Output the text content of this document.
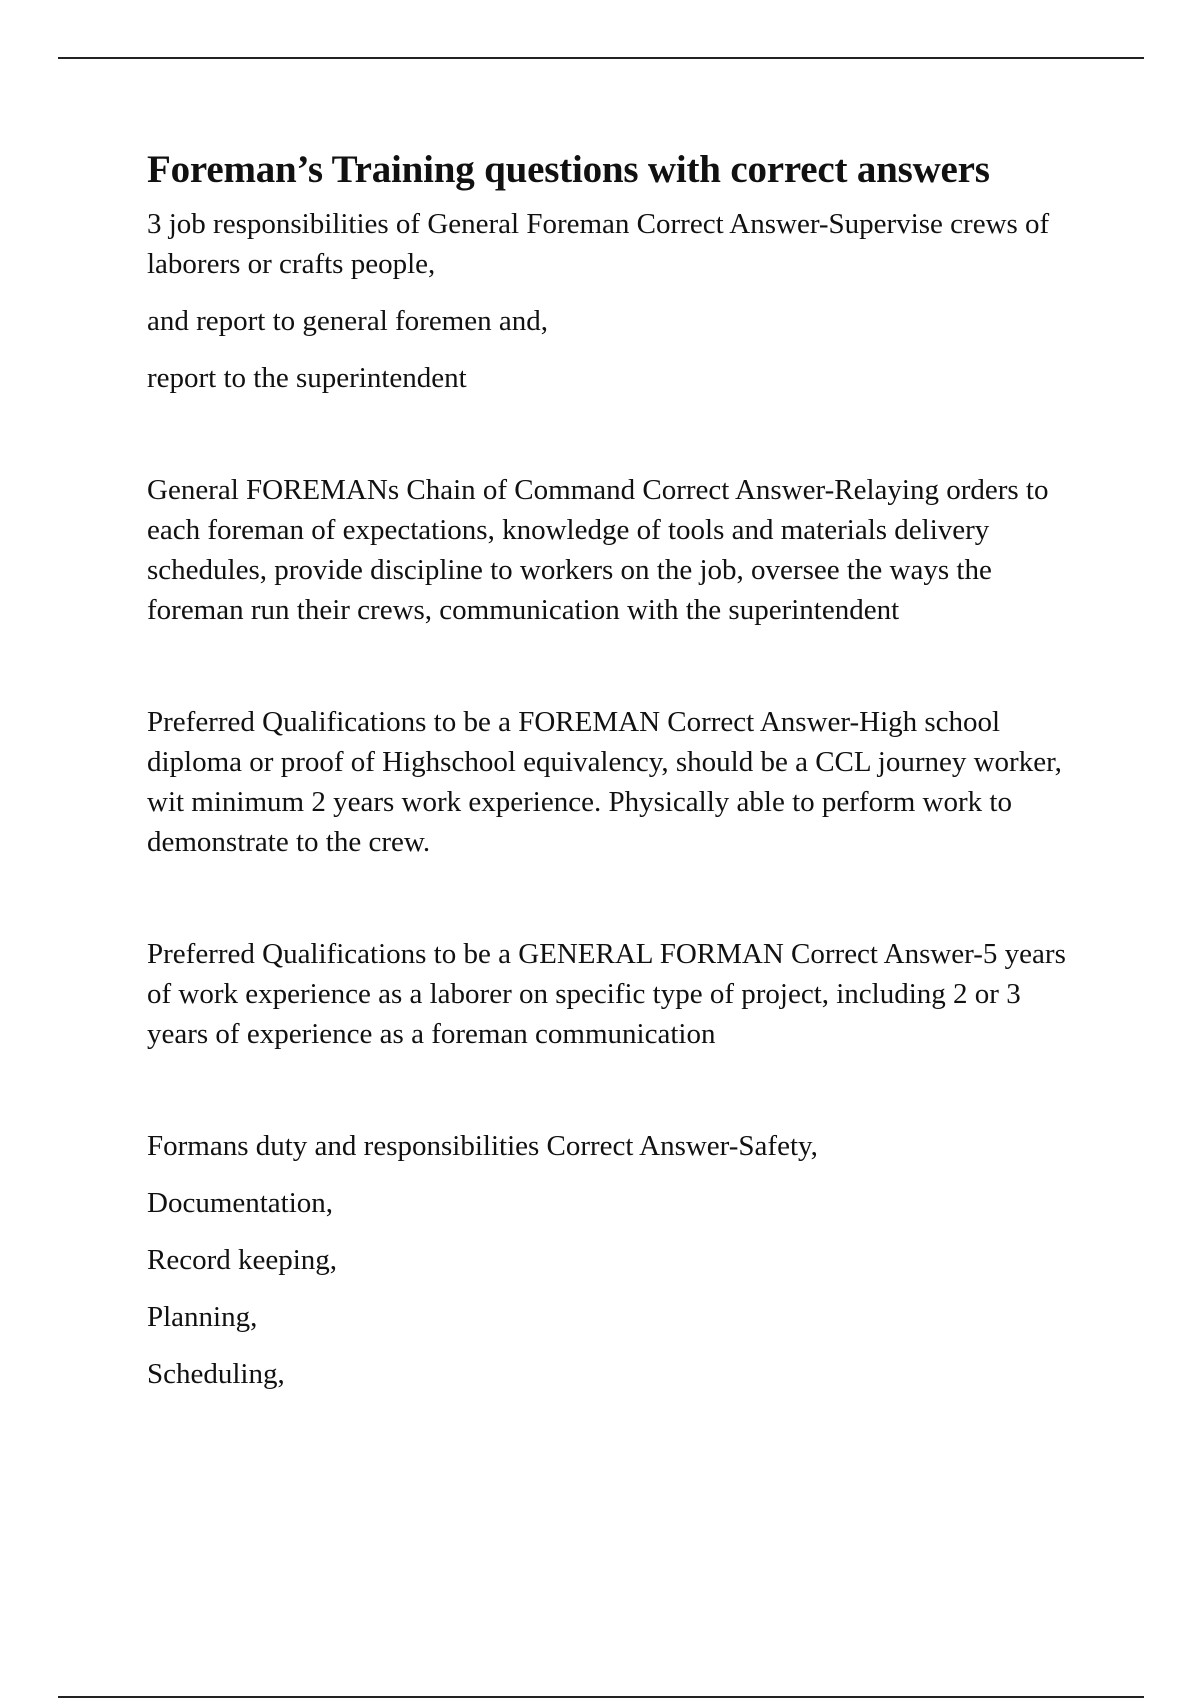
Foreman’s Training questions with correct answers

3 job responsibilities of General Foreman Correct Answer-Supervise crews of laborers or crafts people,

and report to general foremen and,

report to the superintendent

General FOREMANs Chain of Command Correct Answer-Relaying orders to each foreman of expectations, knowledge of tools and materials delivery schedules, provide discipline to workers on the job, oversee the ways the foreman run their crews, communication with the superintendent

Preferred Qualifications to be a FOREMAN Correct Answer-High school diploma or proof of Highschool equivalency, should be a CCL journey worker, wit minimum 2 years work experience. Physically able to perform work to demonstrate to the crew.

Preferred Qualifications to be a GENERAL FORMAN Correct Answer-5 years of work experience as a laborer on specific type of project, including 2 or 3 years of experience as a foreman communication

Formans duty and responsibilities Correct Answer-Safety,

Documentation,

Record keeping,

Planning,

Scheduling,
